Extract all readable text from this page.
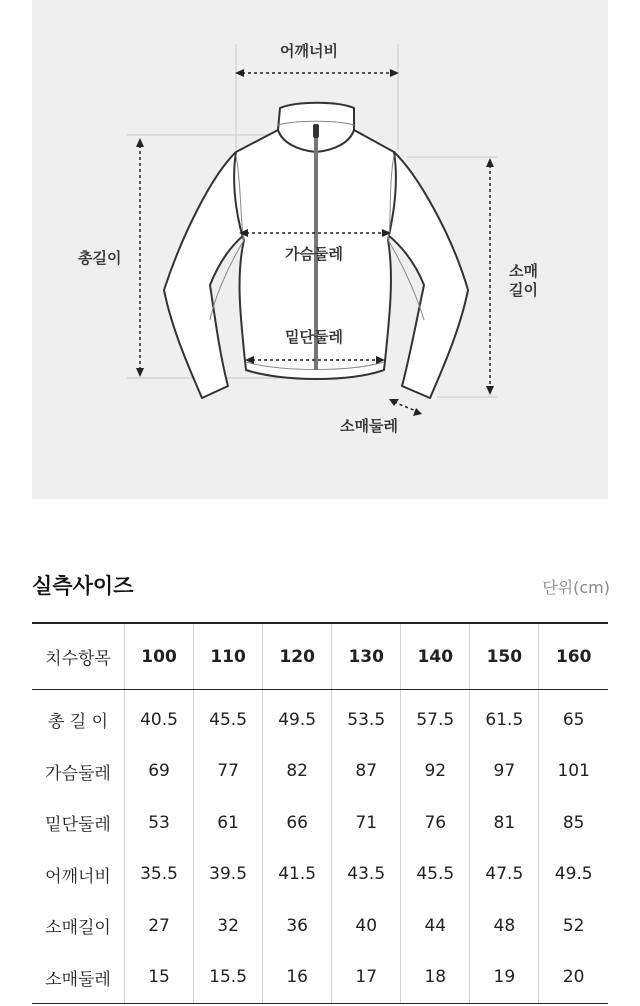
어깨너비
총길이
소매
길이
가슴둘레
밑단둘레
소매둘레
실측사이즈	단위(cm)
치수항목	100	110	120	130	140	150	160
총 길 이	40.5	45.5	49.5	53.5	57.5	61.5	65
가슴둘레	69	77	82	87	92	97	101
밑단둘레	53	61	66	71	76	81	85
어깨너비	35.5	39.5	41.5	43.5	45.5	47.5	49.5
소매길이	27	32	36	40	44	48	52
소매둘레	15	15.5	16	17	18	19	20
